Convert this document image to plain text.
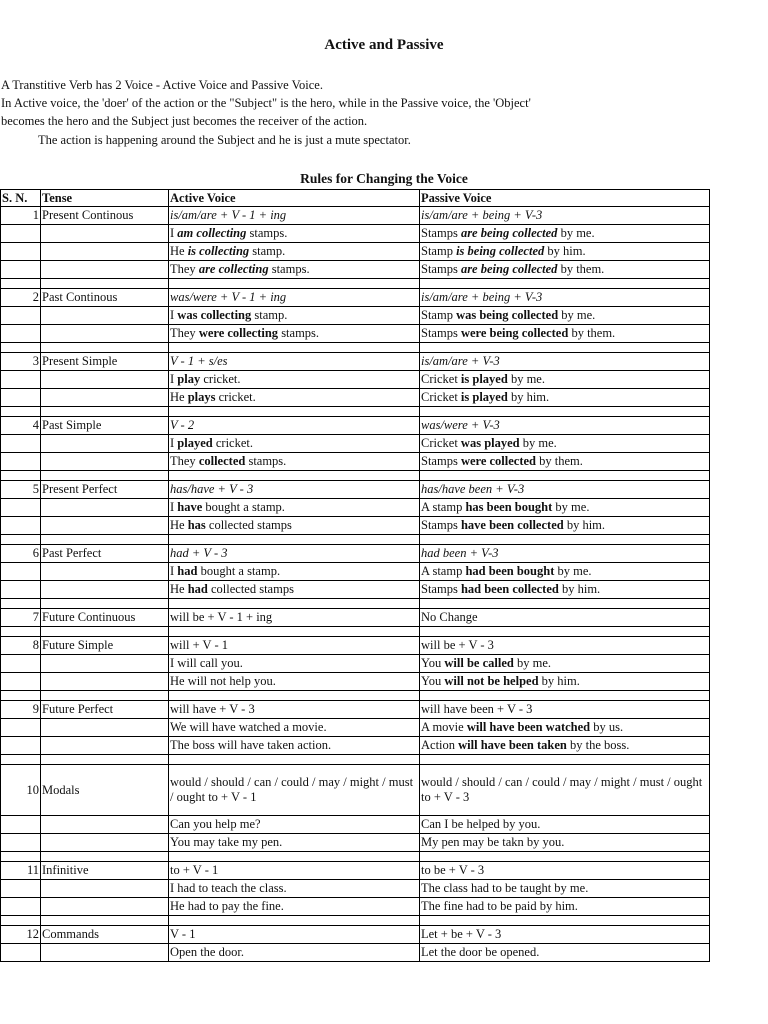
Active and Passive
A Transtitive Verb has 2 Voice - Active Voice and Passive Voice.
In Active voice, the 'doer' of the action or the "Subject" is the hero, while in the Passive voice, the 'Object'
becomes the hero and the Subject just becomes the receiver of the action.

The action is happening around the Subject and he is just a mute spectator.
Rules for Changing the Voice
S. N.	Tense	Active Voice	Passive Voice
1	Present Continous	is/am/are + V - 1 + ing	is/am/are + being + V-3
		I am collecting stamps.	Stamps are being collected by me.
		He is collecting stamp.	Stamp is being collected by him.
		They are collecting stamps.	Stamps are being collected by them.

2	Past Continous	was/were + V - 1 + ing	is/am/are + being + V-3
		I was collecting stamp.	Stamp was being collected by me.
		They were collecting stamps.	Stamps were being collected by them.

3	Present Simple	V - 1 + s/es	is/am/are + V-3
		I play cricket.	Cricket is played by me.
		He plays cricket.	Cricket is played by him.

4	Past Simple	V - 2	was/were + V-3
		I played cricket.	Cricket was played by me.
		They collected stamps.	Stamps were collected by them.

5	Present Perfect	has/have + V - 3	has/have been + V-3
		I have bought a stamp.	A stamp has been bought by me.
		He has collected stamps	Stamps have been collected by him.

6	Past Perfect	had + V - 3	had been + V-3
		I had bought a stamp.	A stamp had been bought by me.
		He had collected stamps	Stamps had been collected by him.

7	Future Continuous	will be + V - 1 + ing	No Change

8	Future Simple	will + V - 1	will be + V - 3
		I will call you.	You will be called by me.
		He will not help you.	You will not be helped by him.

9	Future Perfect	will have + V - 3	will have been + V - 3
		We will have watched a movie.	A movie will have been watched by us.
		The boss will have taken action.	Action will have been taken by the boss.

10	Modals	would / should / can / could / may / might / must / ought to + V - 1	would / should / can / could / may / might / must / ought to + V - 3
		Can you help me?	Can I be helped by you.
		You may take my pen.	My pen may be takn by you.

11	Infinitive	to + V - 1	to be + V - 3
		I had to teach the class.	The class had to be taught by me.
		He had to pay the fine.	The fine had to be paid by him.

12	Commands	V - 1	Let + be + V - 3
		Open the door.	Let the door be opened.
